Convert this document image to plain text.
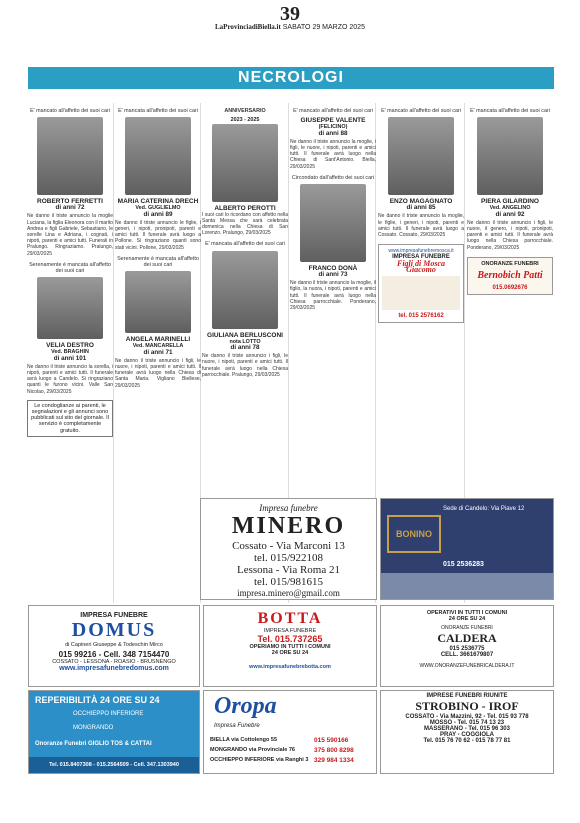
39
LaProvinciadiBiella.it SABATO 29 MARZO 2025
NECROLOGI
E' mancato all'affetto dei suoi cari
ROBERTO FERRETTI
di anni 72
Ne danno il triste annuncio la moglie Luciana, la figlia Eleonora con il marito Andrea e figli Gabriele, Sebastiano, le sorelle Lina e Adriana, i cognati, i nipoti, parenti e amici tutti. Funerali in Pralungo. Ringraziamo. Pralungo, 29/03/2025
Serenamente è mancata all'affetto dei suoi cari
VELIA DESTRO
Ved. BRAGHIN
di anni 101
Ne danno il triste annuncio la sorella, i nipoti, parenti e amici tutti. Il funerale avrà luogo a Candelo. Si ringraziano quanti le furono vicini. Valle San Nicolao, 29/03/2025
Le condoglianze ai parenti, le segnalazioni e gli annunci sono pubblicati sul sito del giornale. Il servizio è completamente gratuito.
E' mancata all'affetto dei suoi cari
MARIA CATERINA DRECH
Ved. GUGLIELMO
di anni 89
Ne danno il triste annuncio le figlie, i generi, i nipoti, pronipoti, parenti e amici tutti. Il funerale avrà luogo a Pollone. Si ringraziano quanti sono stati vicini. Pollone, 29/03/2025
Serenamente è mancata all'affetto dei suoi cari
ANGELA MARINELLI
Ved. MANCARELLA
di anni 71
Ne danno il triste annuncio i figli, le nuore, i nipoti, parenti e amici tutti. Il funerale avrà luogo nella Chiesa di Santa Maria. Vigliano Biellese, 29/03/2025
ANNIVERSARIO
2023 - 2025
ALBERTO PEROTTI
I suoi cari lo ricordano con affetto nella Santa Messa che sarà celebrata domenica nella Chiesa di San Lorenzo. Pralungo, 29/03/2025
E' mancata all'affetto dei suoi cari
GIULIANA BERLUSCONI
nota LOTTO
di anni 78
Ne danno il triste annuncio i figli, le nuore, i nipoti, parenti e amici tutti. Il funerale avrà luogo nella Chiesa parrocchiale. Pralungo, 29/03/2025
E' mancato all'affetto dei suoi cari
GIUSEPPE VALENTE
(FELICINO)
di anni 88
Ne danno il triste annuncio la moglie, i figli, le nuore, i nipoti, parenti e amici tutti. Il funerale avrà luogo nella Chiesa di Sant'Antonio. Biella, 29/03/2025
Circondato dall'affetto dei suoi cari
FRANCO DONÀ
di anni 73
Ne danno il triste annuncio la moglie, il figlio, la nuora, i nipoti, parenti e amici tutti. Il funerale avrà luogo nella Chiesa parrocchiale. Ponderano, 29/03/2025
E' mancato all'affetto dei suoi cari
ENZO MAGAGNATO
di anni 85
Ne danno il triste annuncio la moglie, le figlie, i generi, i nipoti, parenti e amici tutti. Il funerale avrà luogo a Cossato. Cossato, 29/03/2025
www.impresafunebremosca.it
IMPRESA FUNEBRE
Figli di Mosca Giacomo
tel. 015 2576162
E' mancata all'affetto dei suoi cari
PIERA GILARDINO
Ved. ANGELINO
di anni 92
Ne danno il triste annuncio i figli, le nuore, il genero, i nipoti, pronipoti, parenti e amici tutti. Il funerale avrà luogo nella Chiesa parrocchiale. Ponderano, 29/03/2025
ONORANZE FUNEBRI
Bernobich Patti
015.0692676
Impresa funebre
MINERO
Cossato - Via Marconi 13
tel. 015/922108
Lessona - Via Roma 21
tel. 015/981615
impresa.minero@gmail.com
BONINO
Sede di Candelo: Via Piave 12
015 2536283
IMPRESA FUNEBRE
DOMUS
di Capineri Giuseppe & Todeschin Mirco
015 99216 - Cell. 348 7154470
COSSATO - LESSONA - ROASIO - BRUSNENGO
www.impresafunebredomus.com
BOTTA
IMPRESA FUNEBRE
Tel. 015.737265
OPERIAMO IN TUTTI I COMUNI
24 ORE SU 24
www.impresafunebrebotta.com
OPERATIVI IN TUTTI I COMUNI
24 ORE SU 24
ONORANZE FUNEBRI
CALDERA
015 2536775
CELL. 3661679807
WWW.ONORANZEFUNEBRICALDERA.IT
REPERIBILITÀ 24 ORE SU 24
OCCHIEPPO INFERIORE
MONGRANDO
Onoranze Funebri GIGLIO TOS & CATTAI
Tel. 015.8407308 - 015.2564509 - Cell. 347.1303940
Oropa
Impresa Funebre
BIELLA via Cottolengo 55
MONGRANDO via Provinciale 76
OCCHIEPPO INFERIORE via Ranghi 3
015 590166
375 800 8298
329 984 1334
IMPRESE FUNEBRI RIUNITE
STROBINO - IROF
COSSATO - Via Mazzini, 92 - Tel. 015 93 778
MOSSO - Tel. 015 74 13 23
MASSERANO - Tel. 015 96 303
PRAY - COGGIOLA
Tel. 015 76 70 62 - 015 78 77 81
